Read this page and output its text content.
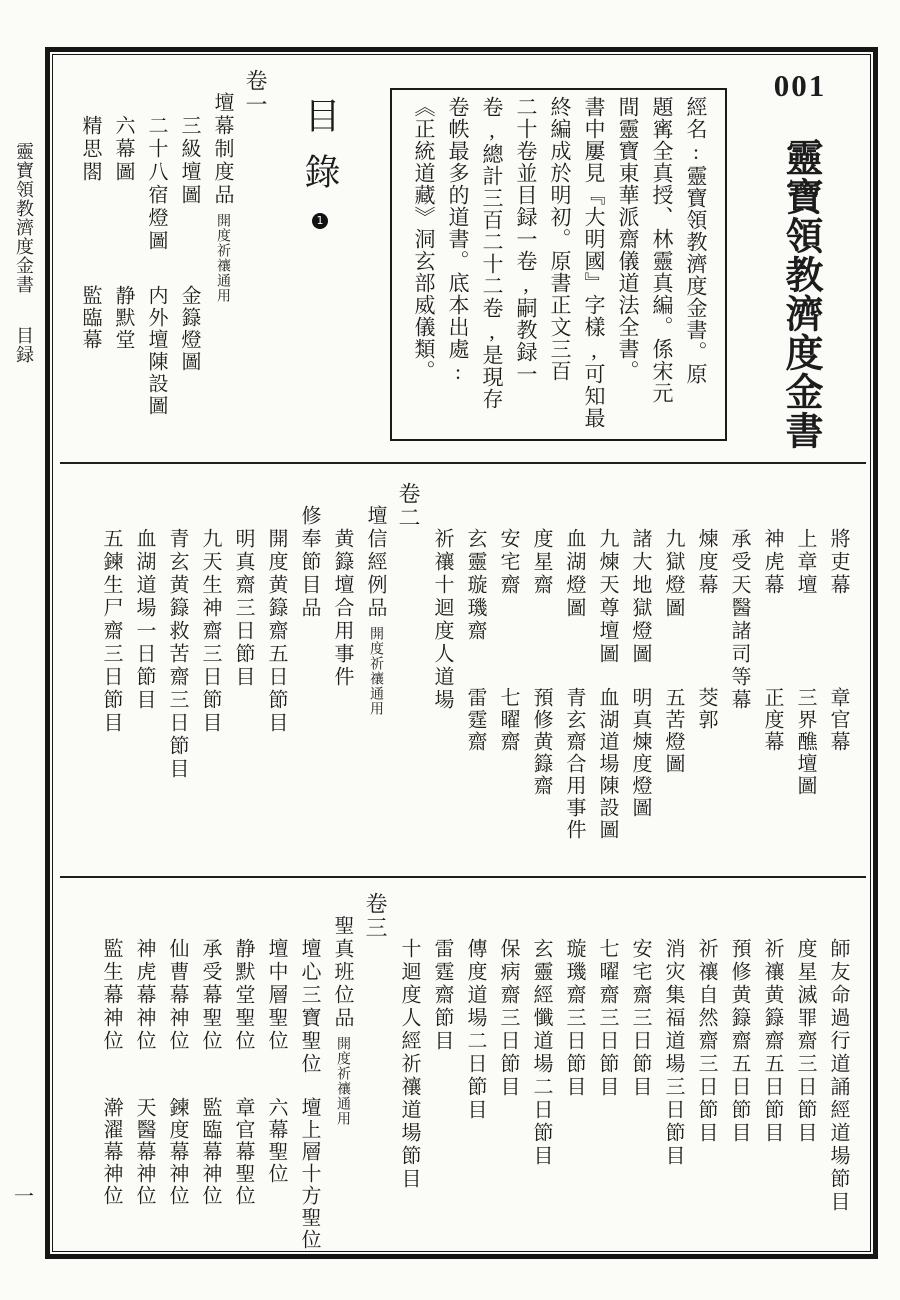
靈寶領教濟度金書目録
一
001
靈寶領教濟度金書
經名:靈寶領教濟度金書。原
題寗全真授、林靈真編。係宋元
間靈寶東華派齋儀道法全書。
書中屢見『大明國』字樣,可知最
終編成於明初。原書正文三百
二十卷並目録一卷,嗣教録一
卷,總計三百二十二卷,是現存
卷帙最多的道書。底本出處:
《正統道藏》洞玄部威儀類。
目錄
1
卷一
壇幕制度品開度祈禳通用
三級壇圖
金籙燈圖
二十八宿燈圖
内外壇陳設圖
六幕圖
静默堂
精思閤
監臨幕
將吏幕
章官幕
上章壇
三界醮壇圖
神虎幕
正度幕
承受天醫諸司等幕
煉度幕
茭郭
九獄燈圖
五苦燈圖
諸大地獄燈圖
明真煉度燈圖
九煉天尊壇圖
血湖道場陳設圖
血湖燈圖
青玄齋合用事件
度星齋
預修黄籙齋
安宅齋
七曜齋
玄靈璇璣齋
雷霆齋
祈禳十迴度人道場
卷二
壇信經例品開度祈禳通用
黄籙壇合用事件
修奉節目品
開度黄籙齋五日節目
明真齋三日節目
九天生神齋三日節目
青玄黄籙救苦齋三日節目
血湖道場一日節目
五鍊生尸齋三日節目
師友命過行道誦經道場節目
度星滅罪齋三日節目
祈禳黄籙齋五日節目
預修黄籙齋五日節目
祈禳自然齋三日節目
消灾集福道場三日節目
安宅齋三日節目
七曜齋三日節目
璇璣齋三日節目
玄靈經懺道場二日節目
保病齋三日節目
傳度道場二日節目
雷霆齋節目
十迴度人經祈禳道場節目
卷三
聖真班位品開度祈禳通用
壇心三寶聖位
壇上層十方聖位
壇中層聖位
六幕聖位
静默堂聖位
章官幕聖位
承受幕聖位
監臨幕神位
仙曹幕神位
鍊度幕神位
神虎幕神位
天醫幕神位
監生幕神位
澣濯幕神位
